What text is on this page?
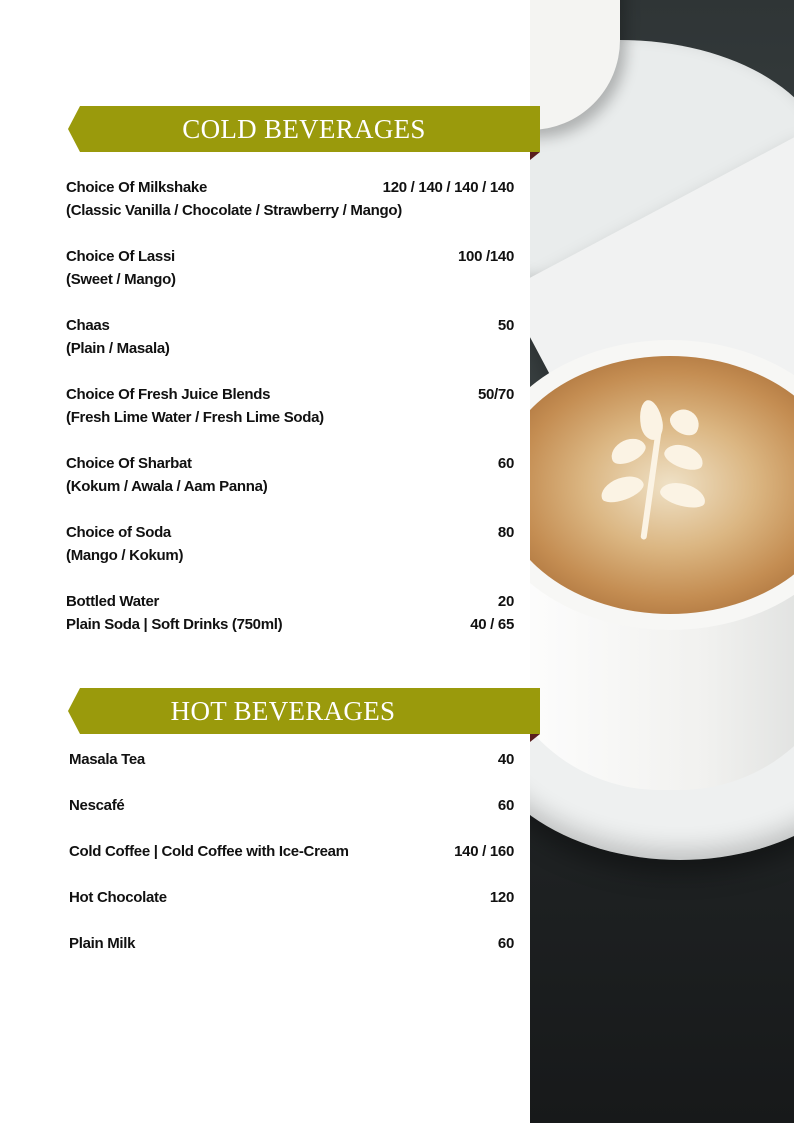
COLD BEVERAGES
Choice Of Milkshake	120 / 140 / 140 / 140
(Classic Vanilla / Chocolate / Strawberry / Mango)
Choice Of Lassi	100 /140
(Sweet / Mango)
Chaas	50
(Plain / Masala)
Choice Of Fresh Juice Blends	50/70
(Fresh Lime Water / Fresh Lime Soda)
Choice Of Sharbat	60
(Kokum / Awala / Aam Panna)
Choice of Soda	80
(Mango / Kokum)
Bottled Water	20
Plain Soda | Soft Drinks (750ml)	40 / 65
HOT BEVERAGES
Masala Tea	40
Nescafé	60
Cold Coffee | Cold Coffee with Ice-Cream	140 / 160
Hot Chocolate	120
Plain Milk	60
